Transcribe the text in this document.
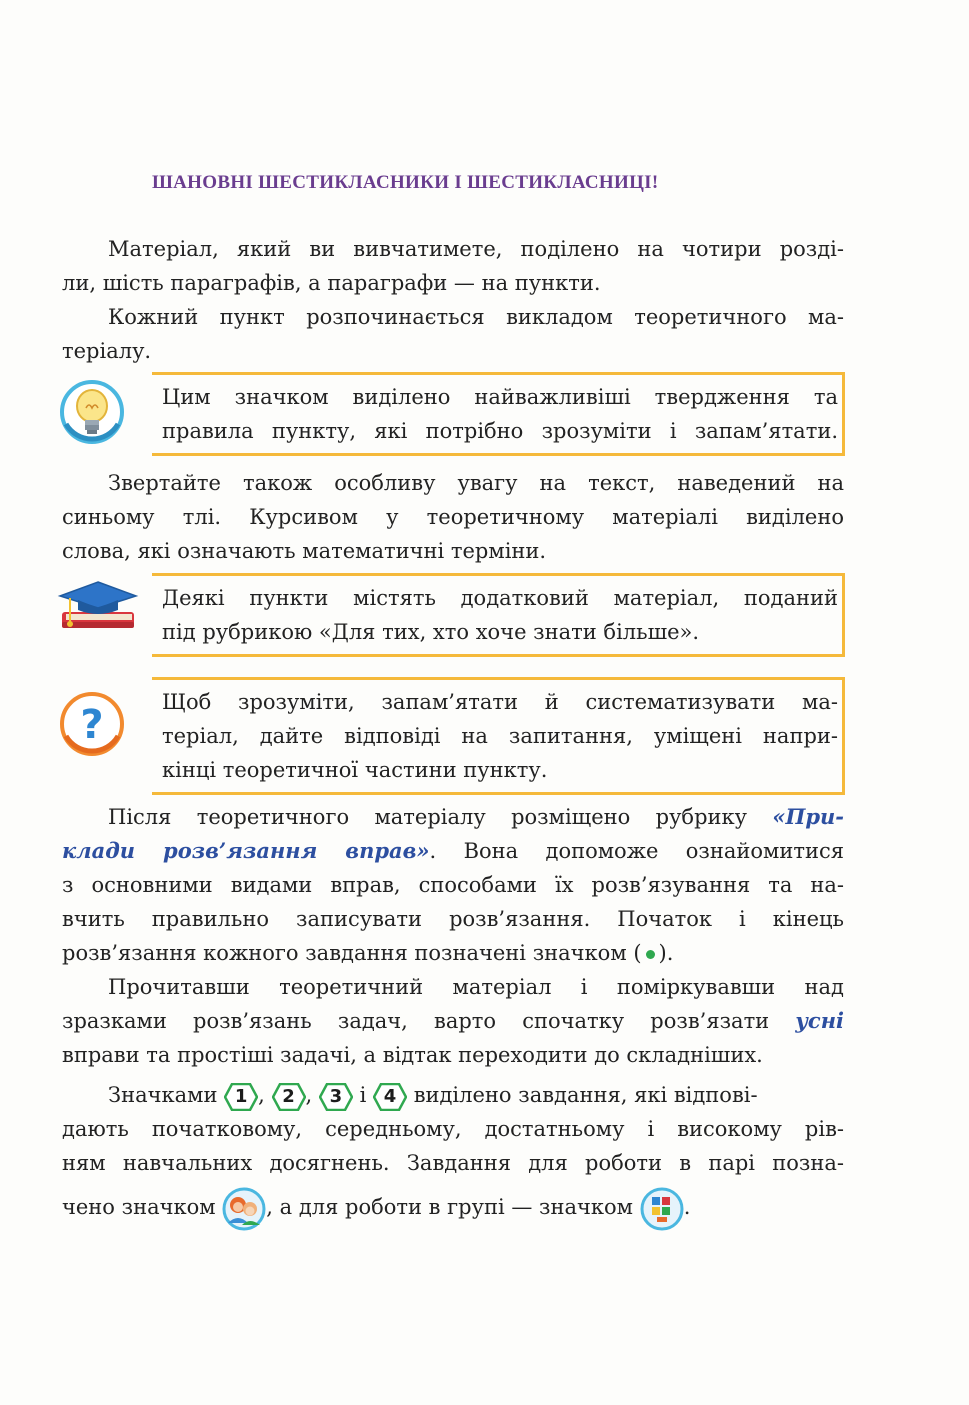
ШАНОВНІ ШЕСТИКЛАСНИКИ І ШЕСТИКЛАСНИЦІ!
Матеріал, який ви вивчатимете, поділено на чотири розді-
ли, шість параграфів, а параграфи — на пункти.
Кожний пункт розпочинається викладом теоретичного ма-
теріалу.
Цим значком виділено найважливіші твердження та
правила пункту, які потрібно зрозуміти і запам’ятати.
Звертайте також особливу увагу на текст, наведений на
синьому тлі. Курсивом у теоретичному матеріалі виділено
слова, які означають математичні терміни.
Деякі пункти містять додатковий матеріал, поданий
під рубрикою «Для тих, хто хоче знати більше».
?	Щоб зрозуміти, запам’ятати й систематизувати ма-
теріал, дайте відповіді на запитання, уміщені напри-
кінці теоретичної частини пункту.
Після теоретичного матеріалу розміщено рубрику «При-
клади розв’язання вправ». Вона допоможе ознайомитися
з основними видами вправ, способами їх розв’язування та на-
вчить правильно записувати розв’язання. Початок і кінець
розв’язання кожного завдання позначені значком ( ).
Прочитавши теоретичний матеріал і поміркувавши над
зразками розв’язань задач, варто спочатку розв’язати усні
вправи та простіші задачі, а відтак переходити до складніших.
Значками 1 , 2 , 3 і 4 виділено завдання, які відпові-
дають початковому, середньому, достатньому і високому рів-
ням навчальних досягнень. Завдання для роботи в парі позна-
чено значком , а для роботи в групі — значком .
